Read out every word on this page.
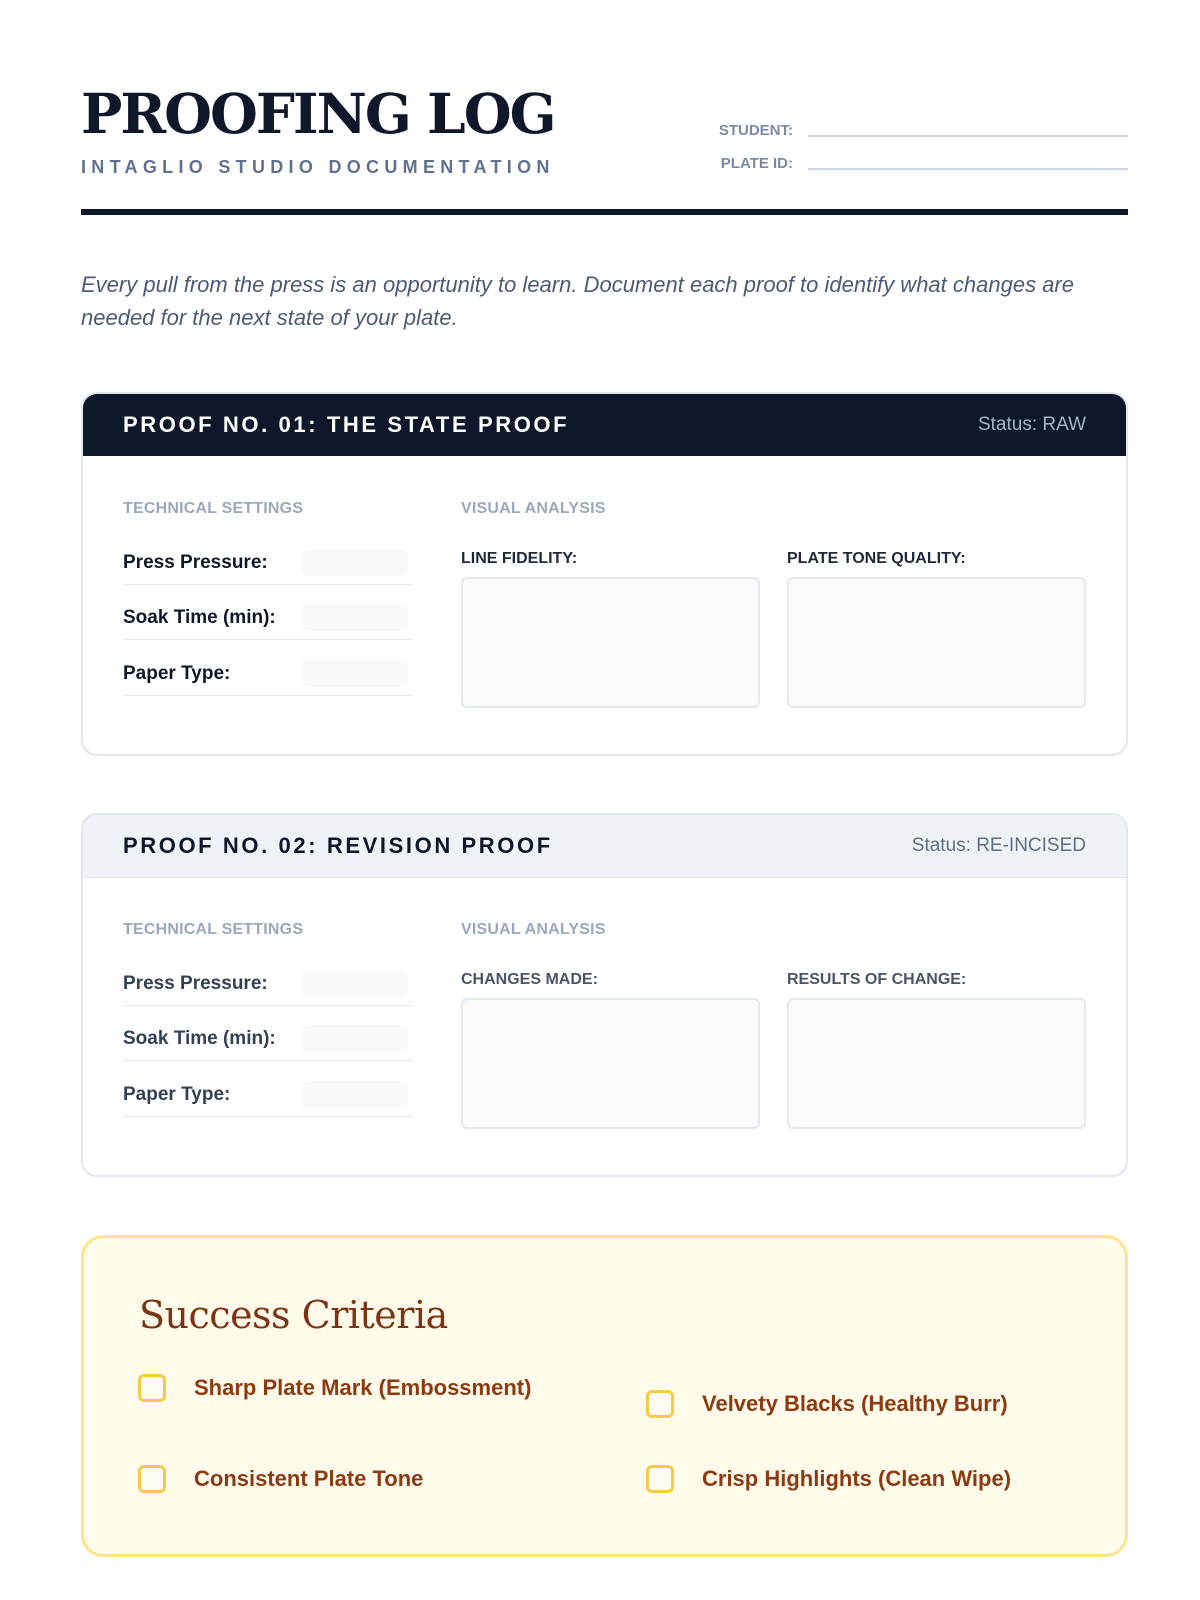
PROOFING LOG
INTAGLIO STUDIO DOCUMENTATION
STUDENT:
PLATE ID:

Every pull from the press is an opportunity to learn. Document each proof to identify what changes are needed for the next state of your plate.

PROOF NO. 01: THE STATE PROOF	Status: RAW
TECHNICAL SETTINGS	VISUAL ANALYSIS
Press Pressure:
Soak Time (min):
Paper Type:
LINE FIDELITY:	PLATE TONE QUALITY:
PROOF NO. 02: REVISION PROOF	Status: RE-INCISED
TECHNICAL SETTINGS	VISUAL ANALYSIS
Press Pressure:
Soak Time (min):
Paper Type:
CHANGES MADE:	RESULTS OF CHANGE:
Success Criteria
Sharp Plate Mark (Embossment)
Velvety Blacks (Healthy Burr)
Consistent Plate Tone	Crisp Highlights (Clean Wipe)
